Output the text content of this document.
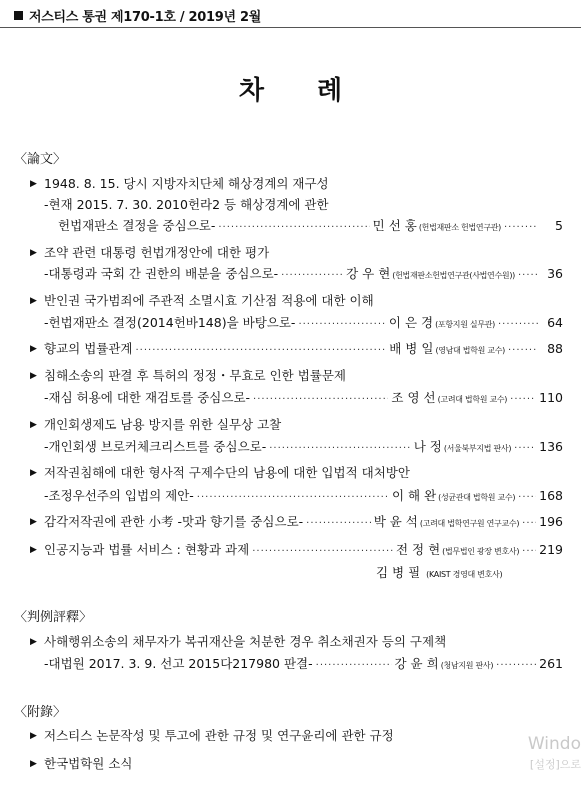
저스티스 통권 제170-1호 / 2019년 2월
차 례
〈論文〉
▶ 1948. 8. 15. 당시 지방자치단체 해상경계의 재구성
-현재 2015. 7. 30. 2010헌라2 등 해상경계에 관한
헌법재판소 결정을 중심으로- ·····	민 선 홍 (헌법재판소 헌법연구관) ·····	5
▶ 조약 관련 대통령 헌법개정안에 대한 평가
-대통령과 국회 간 권한의 배분을 중심으로- ·····	강 우 현 (헌법재판소헌법연구관(사법연수원)) ·····	36
▶ 반인권 국가범죄에 주관적 소멸시효 기산점 적용에 대한 이해
-헌법재판소 결정(2014헌바148)을 바탕으로- ·····	이 은 경 (포항지원 실무관) ·····	64
▶ 향교의 법률관계 ·····	배 병 일 (영남대 법학원 교수) ·····	88
▶ 침해소송의 판결 후 특허의 정정・무효로 인한 법률문제
-재심 허용에 대한 재검토를 중심으로- ·····	조 영 선 (고려대 법학원 교수) ·····	110
▶ 개인회생제도 남용 방지를 위한 실무상 고찰
-개인회생 브로커체크리스트를 중심으로- ·····	나 정 (서울북부지법 판사) ····· 136
▶ 저작권침해에 대한 형사적 구제수단의 남용에 대한 입법적 대처방안
-조정우선주의 입법의 제안- ·····	이 해 완 (성균관대 법학원 교수) ····· 168
▶ 감각저작권에 관한 小考 -맛과 향기를 중심으로- ·····	박 윤 석 (고려대 법학연구원 연구교수) ····· 196
▶ 인공지능과 법률 서비스 : 현황과 과제 ·····	전 정 현 (법무법인 광장 변호사) ····· 219
김 병 필 (KAIST 경영대 변호사)
〈判例評釋〉
▶ 사해행위소송의 채무자가 복귀재산을 처분한 경우 취소채권자 등의 구제책
-대법원 2017. 3. 9. 선고 2015다217980 판결- ·····	강 윤 희 (청남지원 판사) ·····	261
〈附錄〉
▶ 저스티스 논문작성 및 투고에 관한 규정 및 연구윤리에 관한 규정
▶ 한국법학원 소식
Windo
[설정]으로
